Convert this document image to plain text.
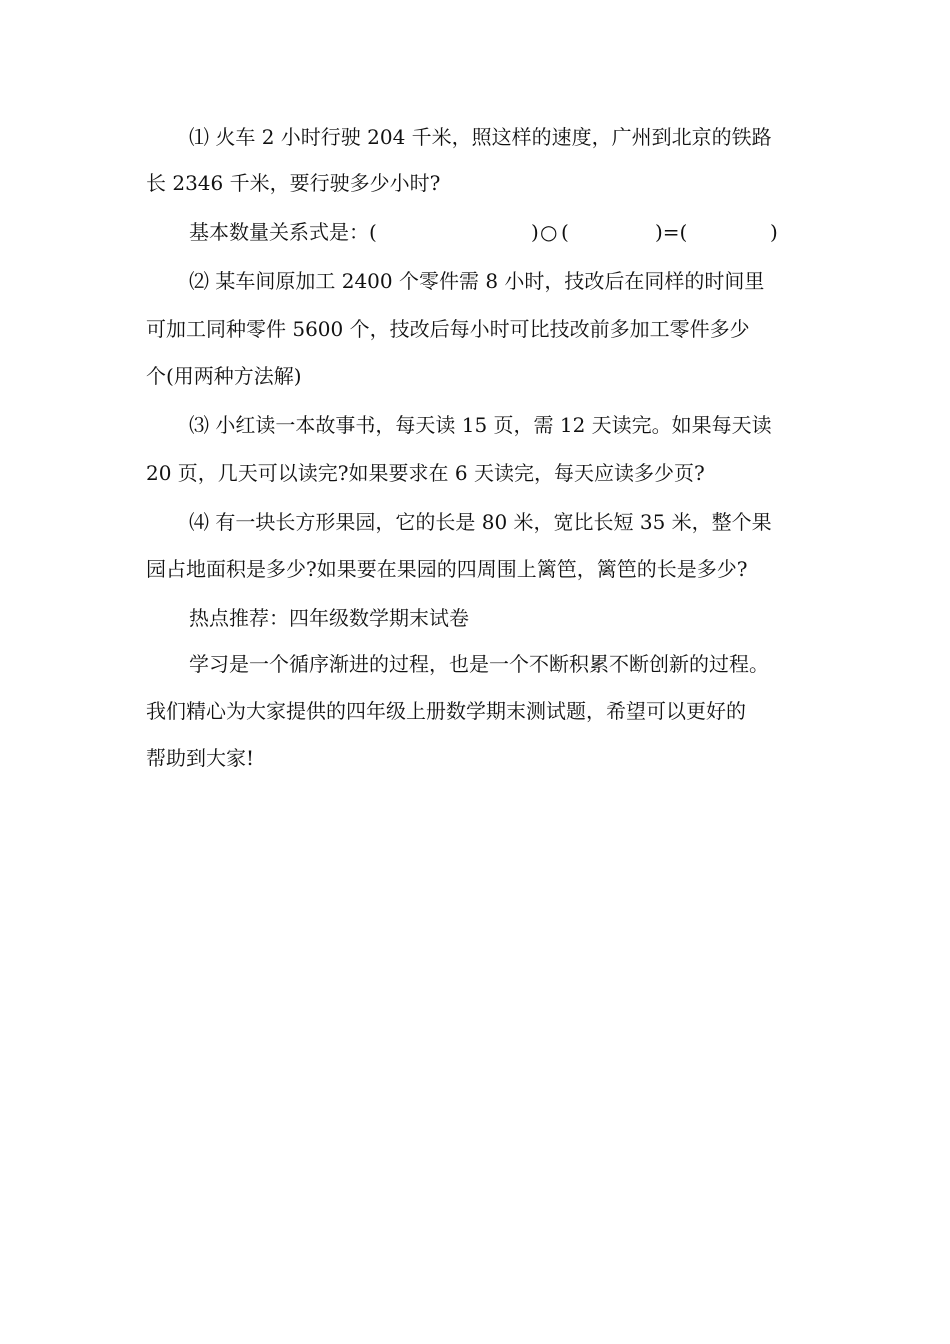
⑴ 火车 2 小时行驶 204 千米，照这样的速度，广州到北京的铁路
长 2346 千米，要行驶多少小时?
基本数量关系式是：(	) ○ (	)=(	)
⑵ 某车间原加工 2400 个零件需 8 小时，技改后在同样的时间里
可加工同种零件 5600 个，技改后每小时可比技改前多加工零件多少
个(用两种方法解)
⑶ 小红读一本故事书，每天读 15 页，需 12 天读完。如果每天读
20 页，几天可以读完?如果要求在 6 天读完，每天应读多少页?
⑷ 有一块长方形果园，它的长是 80 米，宽比长短 35 米，整个果
园占地面积是多少?如果要在果园的四周围上篱笆，篱笆的长是多少?
热点推荐：四年级数学期末试卷
学习是一个循序渐进的过程，也是一个不断积累不断创新的过程。
我们精心为大家提供的四年级上册数学期末测试题，希望可以更好的
帮助到大家!
